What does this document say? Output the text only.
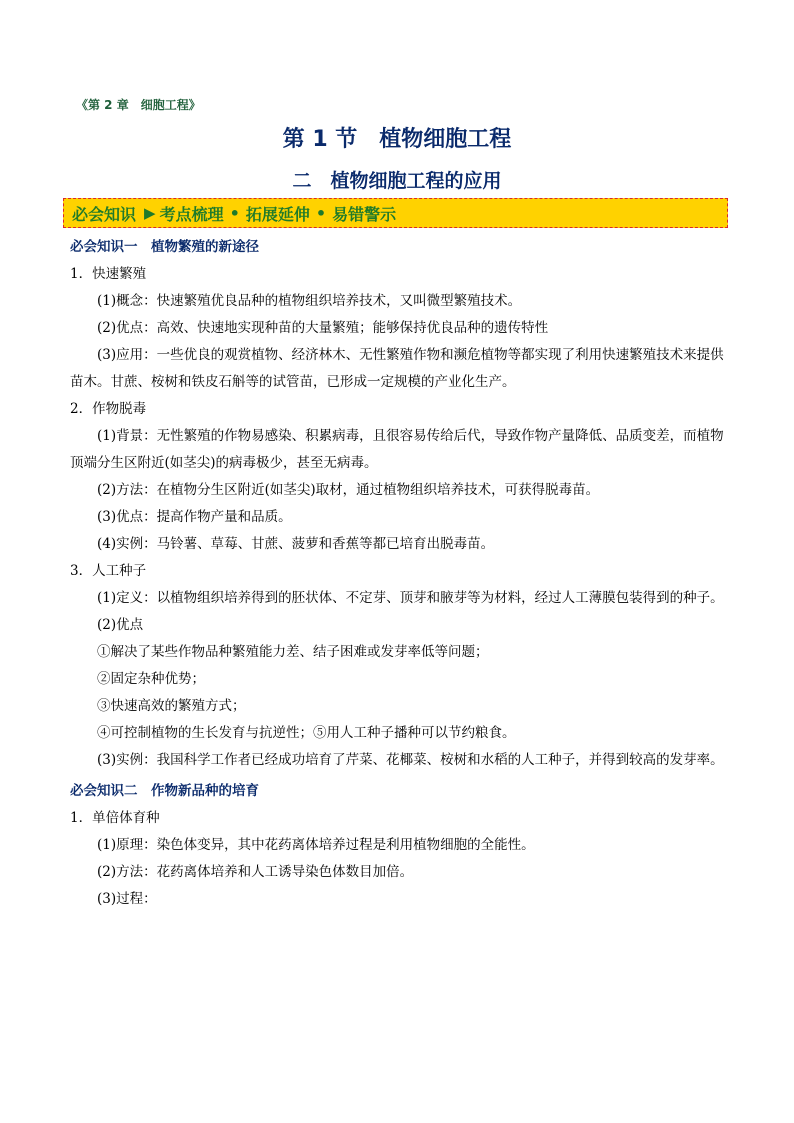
《第 2 章　细胞工程》
第 1 节　植物细胞工程
二　植物细胞工程的应用
必会知识 ▶ 考点梳理 • 拓展延伸 • 易错警示
必会知识一　植物繁殖的新途径
1．快速繁殖
(1)概念：快速繁殖优良品种的植物组织培养技术，又叫微型繁殖技术。
(2)优点：高效、快速地实现种苗的大量繁殖；能够保持优良品种的遗传特性
(3)应用：一些优良的观赏植物、经济林木、无性繁殖作物和濒危植物等都实现了利用快速繁殖技术来提供苗木。甘蔗、桉树和铁皮石斛等的试管苗，已形成一定规模的产业化生产。
2．作物脱毒
(1)背景：无性繁殖的作物易感染、积累病毒，且很容易传给后代，导致作物产量降低、品质变差，而植物顶端分生区附近(如茎尖)的病毒极少，甚至无病毒。
(2)方法：在植物分生区附近(如茎尖)取材，通过植物组织培养技术，可获得脱毒苗。
(3)优点：提高作物产量和品质。
(4)实例：马铃薯、草莓、甘蔗、菠萝和香蕉等都已培育出脱毒苗。
3．人工种子
(1)定义：以植物组织培养得到的胚状体、不定芽、顶芽和腋芽等为材料，经过人工薄膜包装得到的种子。
(2)优点
①解决了某些作物品种繁殖能力差、结子困难或发芽率低等问题；
②固定杂种优势；
③快速高效的繁殖方式；
④可控制植物的生长发育与抗逆性；⑤用人工种子播种可以节约粮食。
(3)实例：我国科学工作者已经成功培育了芹菜、花椰菜、桉树和水稻的人工种子，并得到较高的发芽率。
必会知识二　作物新品种的培育
1．单倍体育种
(1)原理：染色体变异，其中花药离体培养过程是利用植物细胞的全能性。
(2)方法：花药离体培养和人工诱导染色体数目加倍。
(3)过程：
